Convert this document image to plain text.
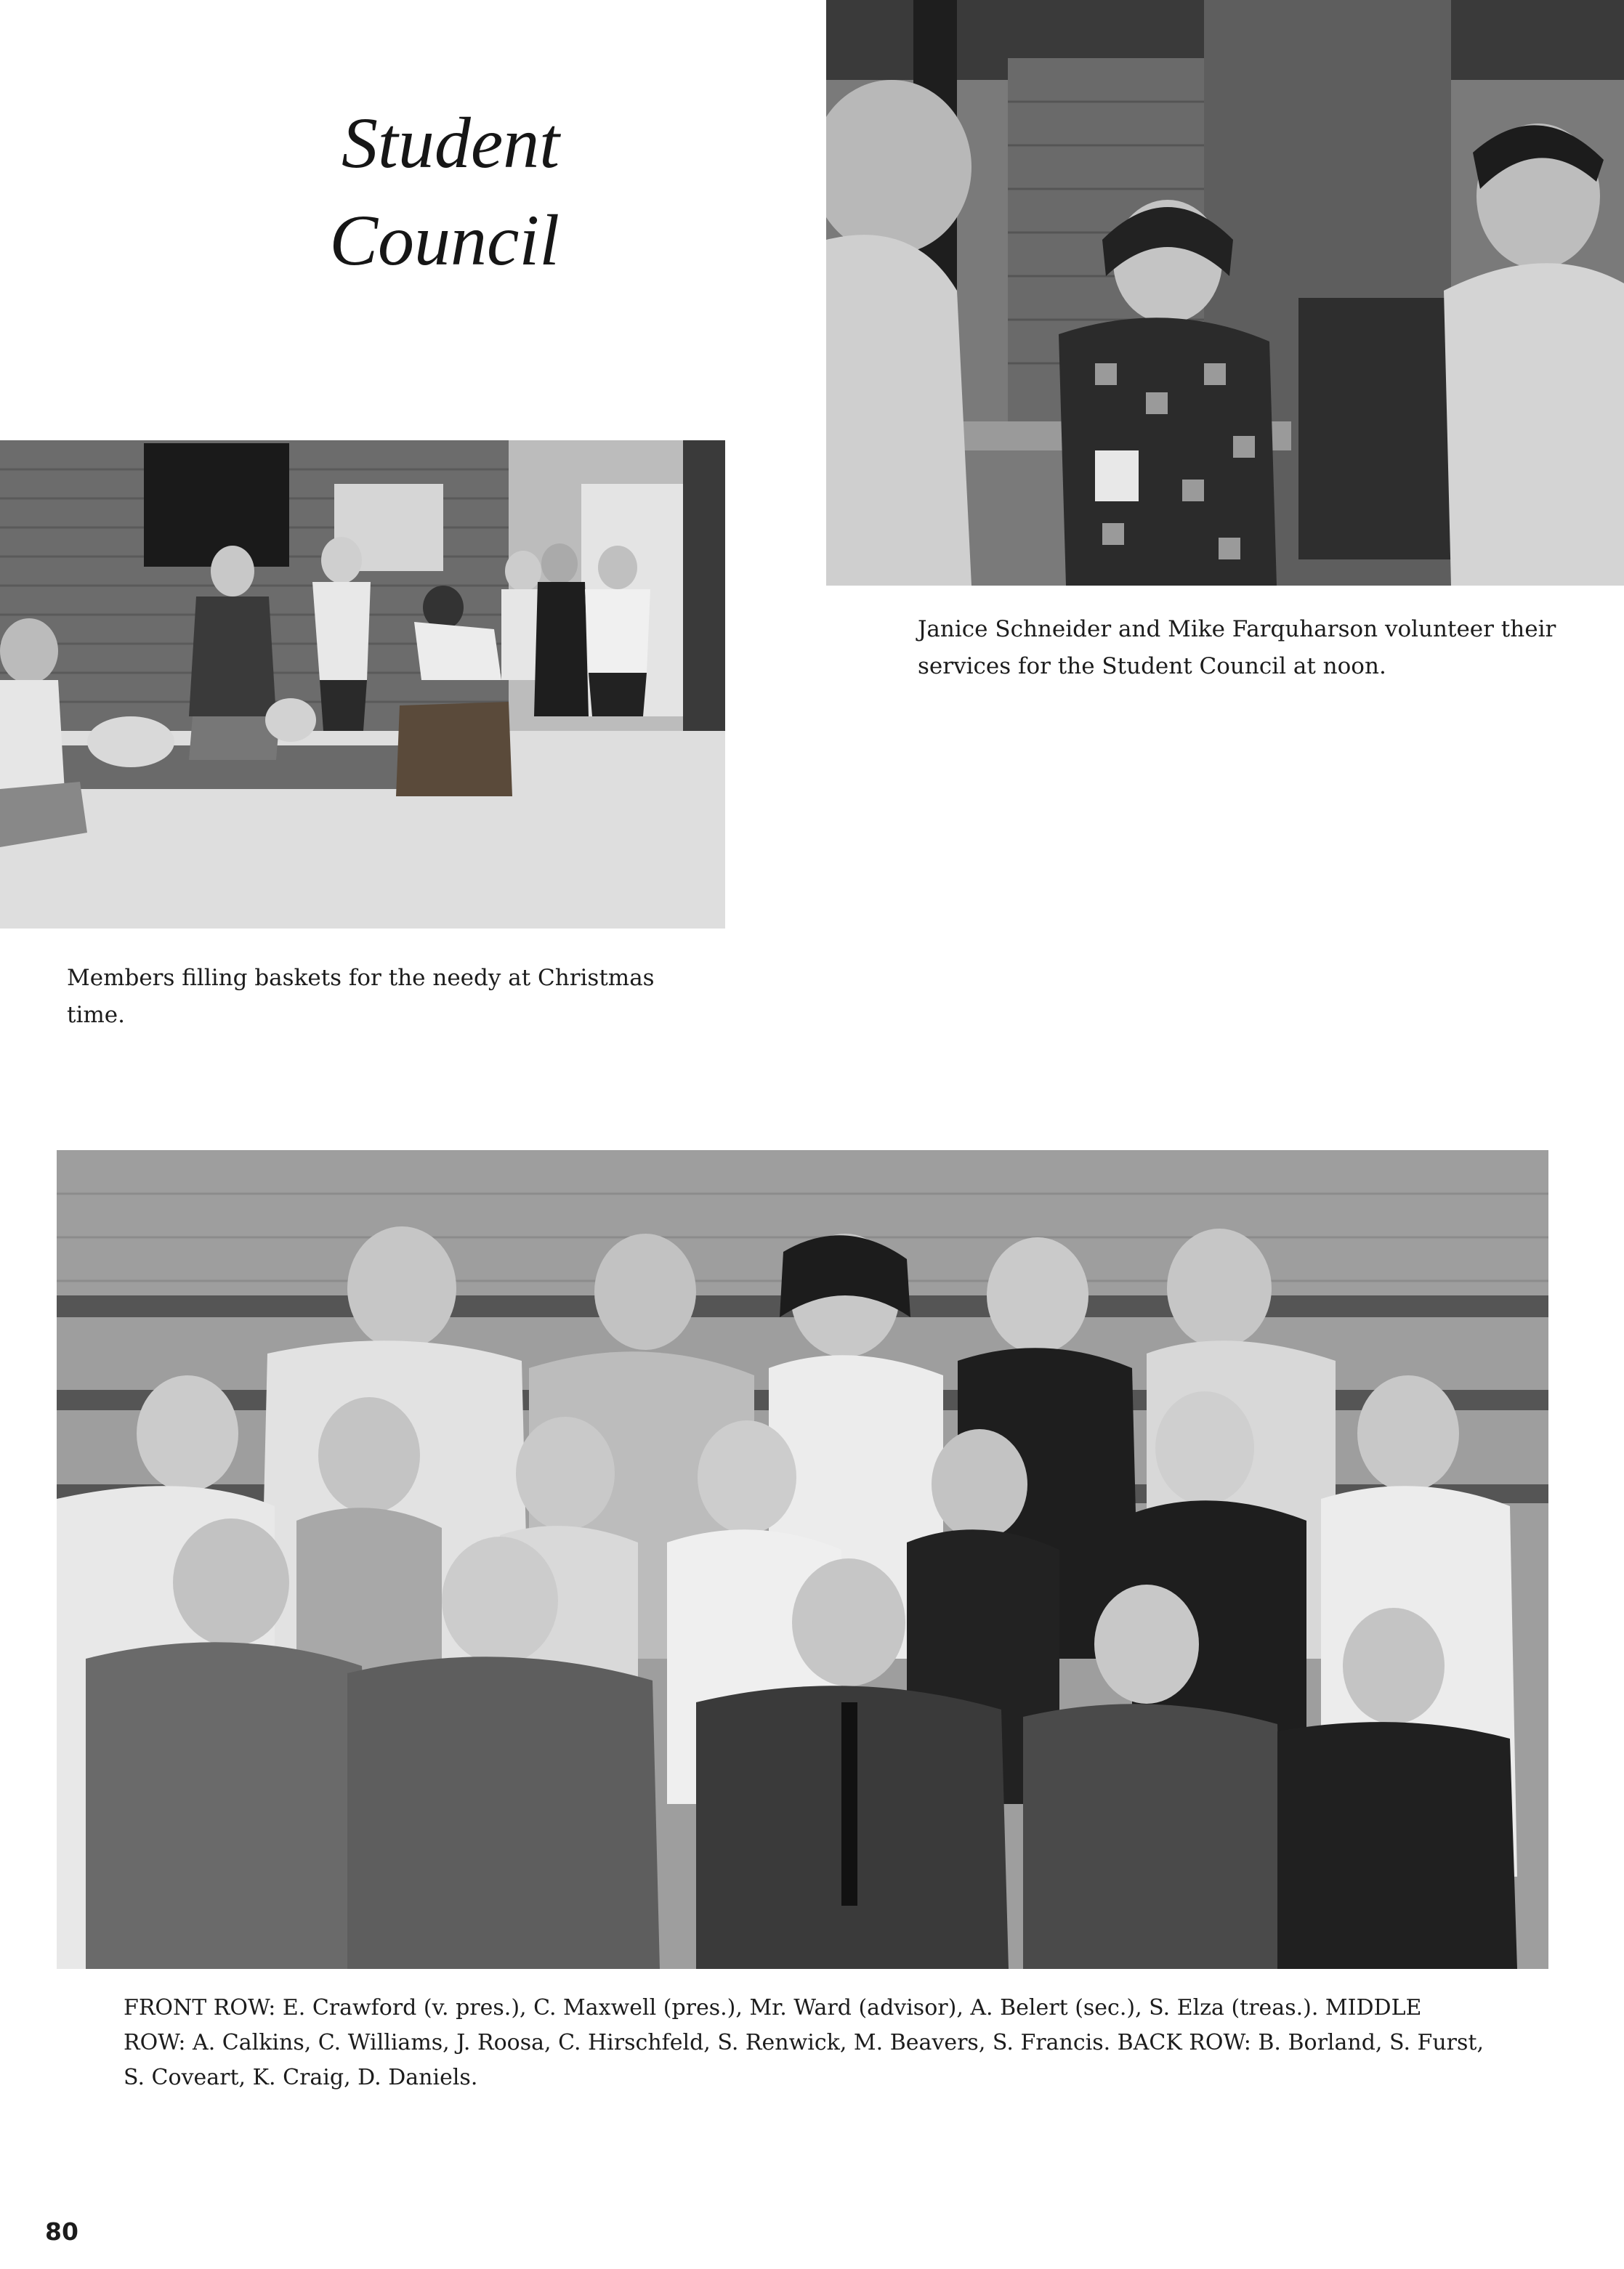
Student
Council
Janice Schneider and Mike Farquharson volunteer their services for the Student Council at noon.
Members filling baskets for the needy at Christmas time.
FRONT ROW: E. Crawford (v. pres.), C. Maxwell (pres.), Mr. Ward (advisor), A. Belert (sec.), S. Elza (treas.). MIDDLE ROW: A. Calkins, C. Williams, J. Roosa, C. Hirschfeld, S. Renwick, M. Beavers, S. Francis. BACK ROW: B. Borland, S. Furst, S. Coveart, K. Craig, D. Daniels.
80
